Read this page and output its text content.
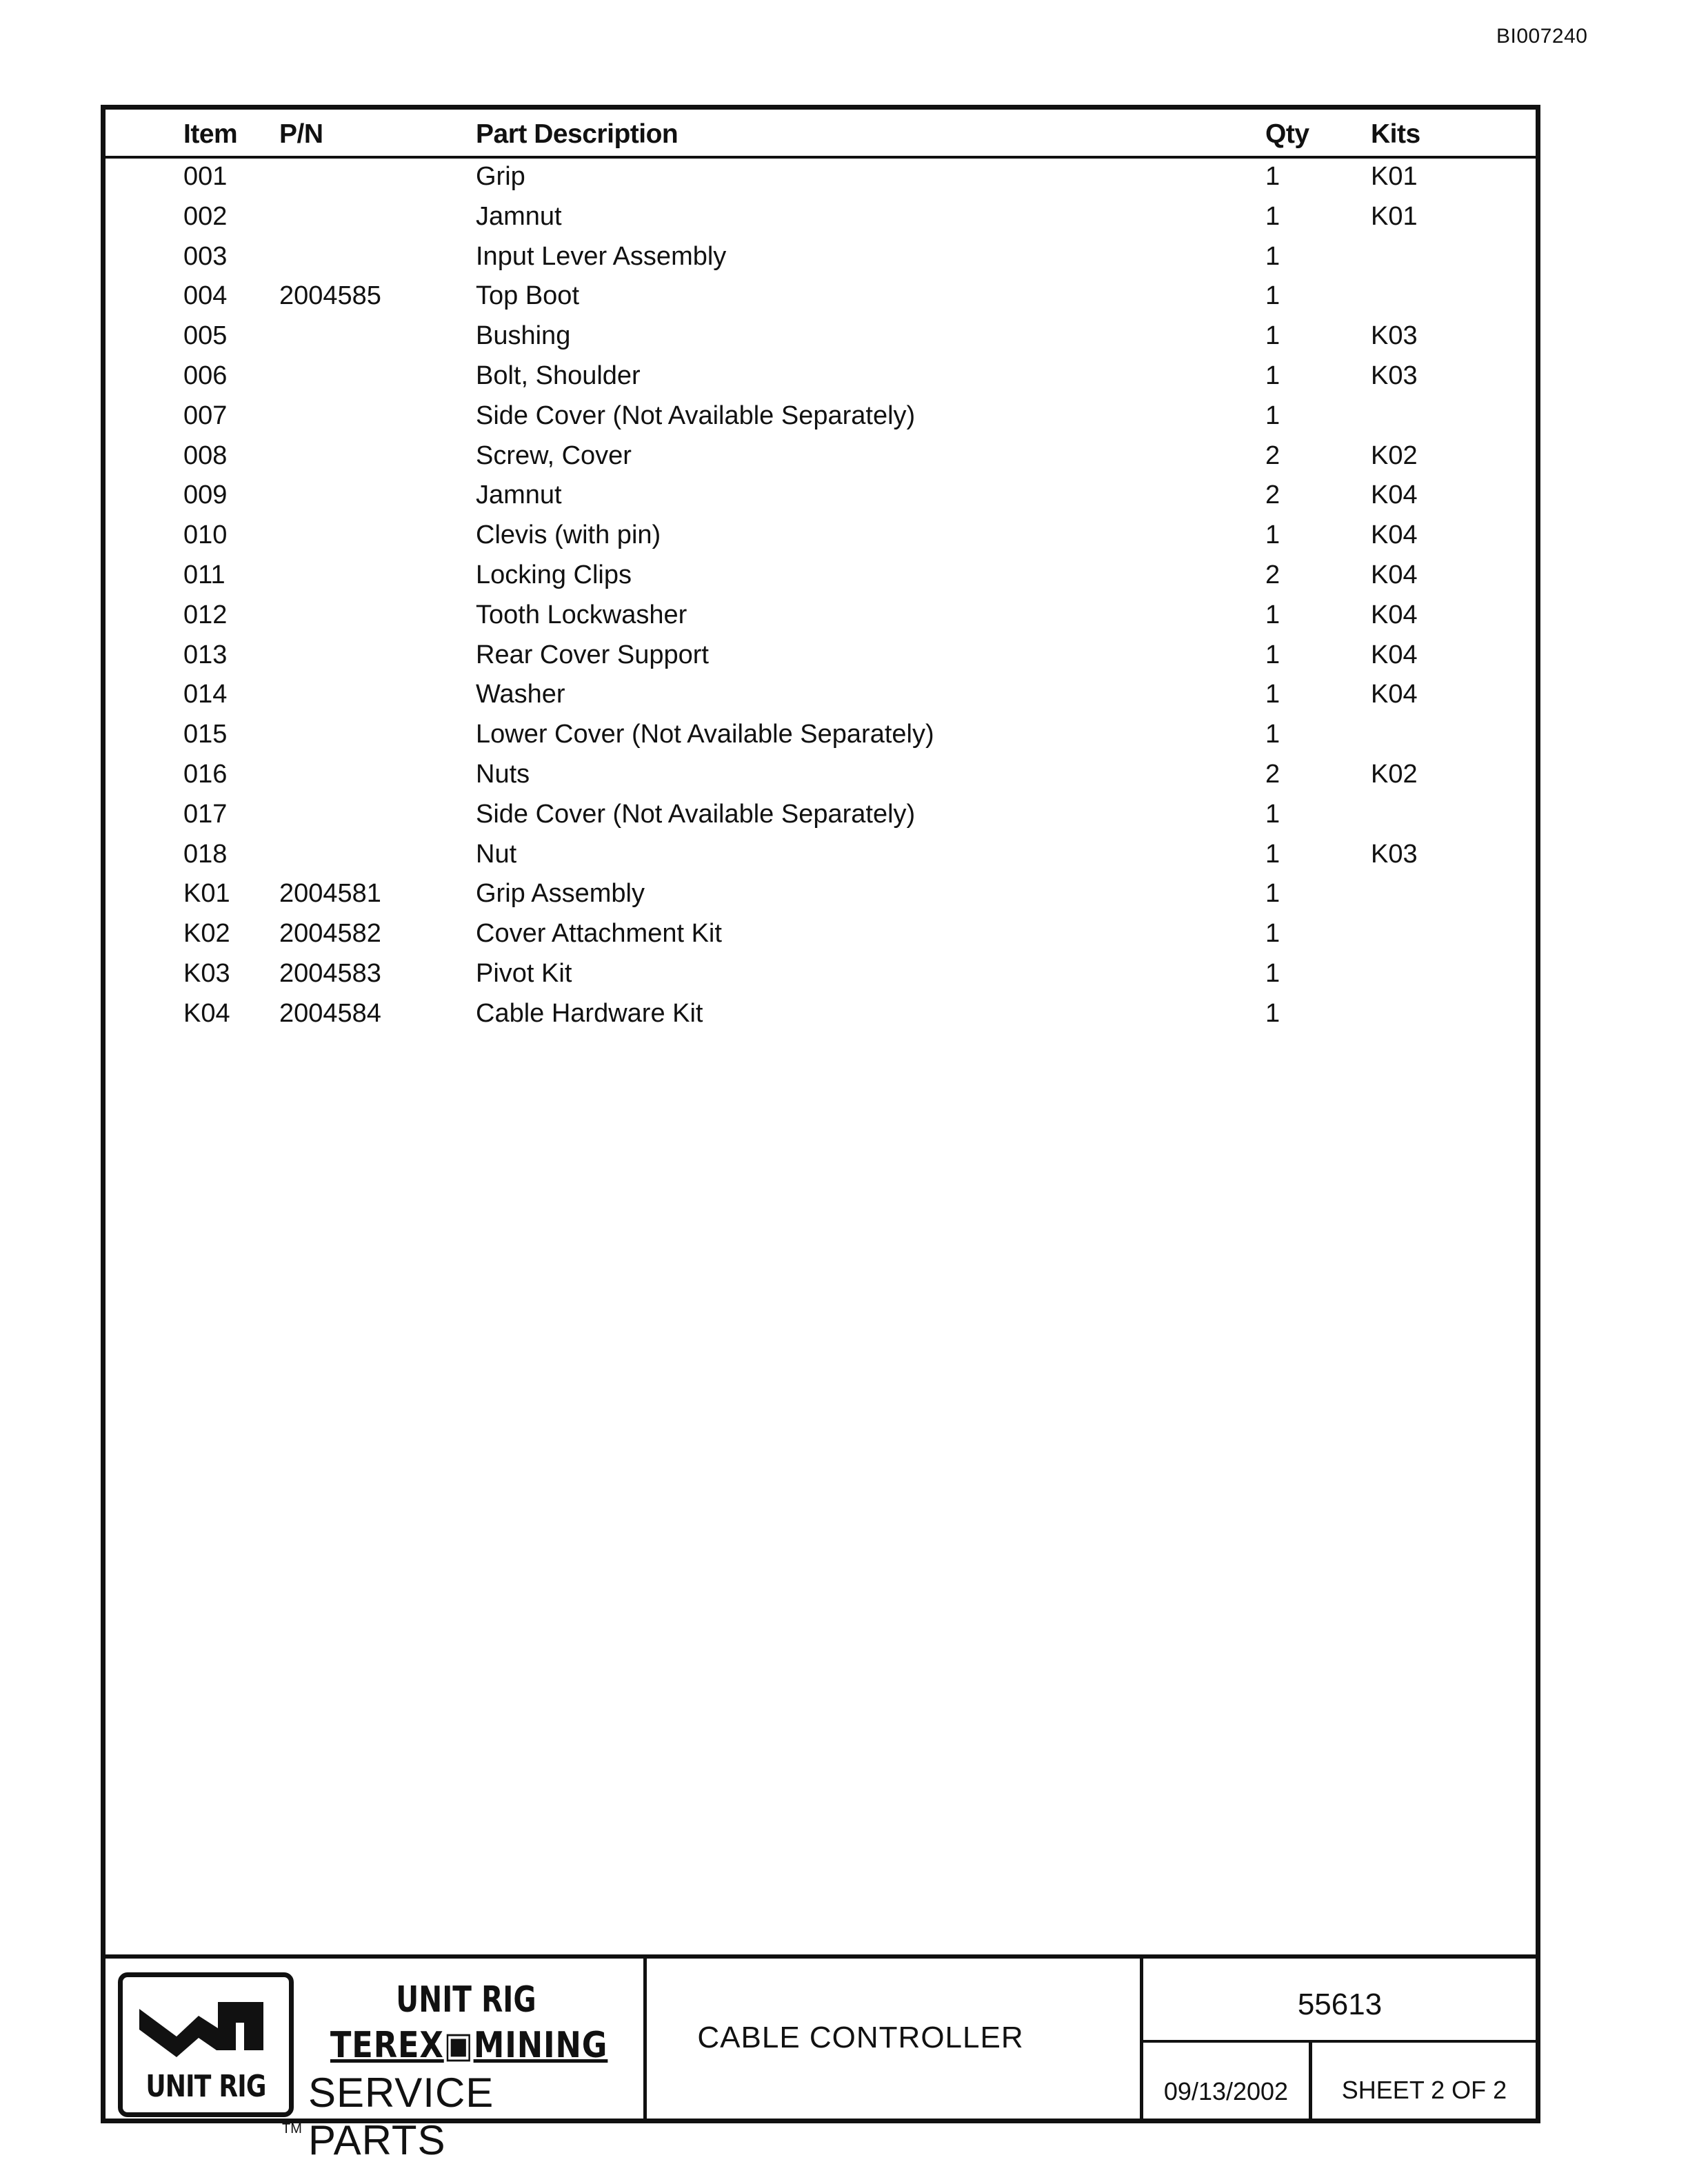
BI007240
Item P/N	Part Description	Qty Kits
001	Grip	1	K01
002	Jamnut	1	K01
003	Input Lever Assembly	1
004 2004585	Top Boot	1
005	Bushing	1	K03
006	Bolt, Shoulder	1	K03
007	Side Cover (Not Available Separately)	1
008	Screw, Cover	2	K02
009	Jamnut	2	K04
010	Clevis (with pin)	1	K04
011	Locking Clips	2	K04
012	Tooth Lockwasher	1	K04
013	Rear Cover Support	1	K04
014	Washer	1	K04
015	Lower Cover (Not Available Separately)	1
016	Nuts	2	K02
017	Side Cover (Not Available Separately)	1
018	Nut	1	K03
K01 2004581	Grip Assembly	1
K02 2004582	Cover Attachment Kit	1
K03 2004583	Pivot Kit	1
K04 2004584	Cable Hardware Kit	1
UNIT RIG
TM
UNIT RIG
TEREX▣MINING
SERVICE PARTS
CABLE CONTROLLER
55613
09/13/2002	SHEET 2 OF 2
